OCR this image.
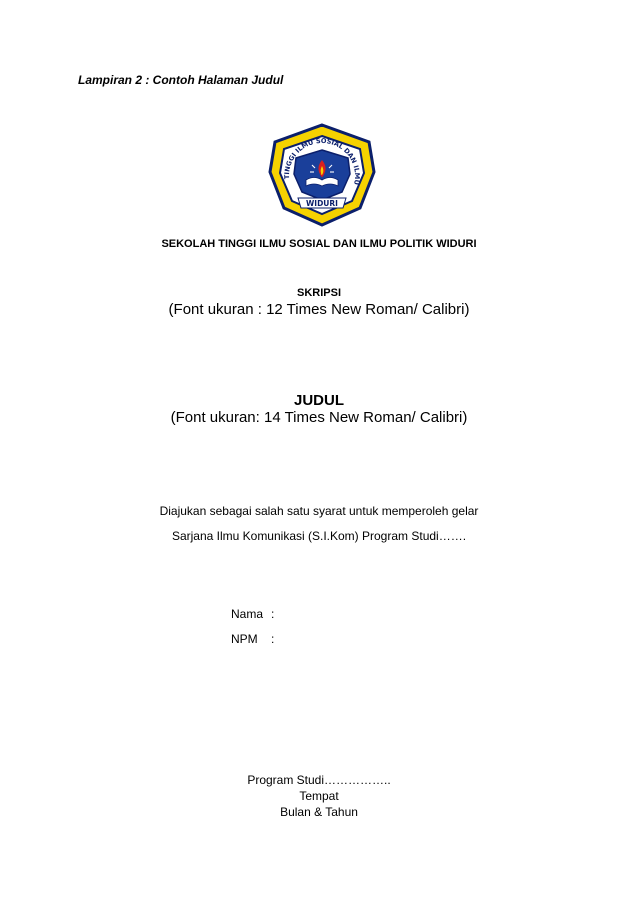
Lampiran 2 : Contoh Halaman Judul
TINGGI ILMU SOSIAL DAN ILMU
WIDURI
SEKOLAH TINGGI ILMU SOSIAL DAN ILMU POLITIK WIDURI
SKRIPSI
(Font ukuran : 12 Times New Roman/ Calibri)
JUDUL
(Font ukuran: 14 Times New Roman/ Calibri)
Diajukan sebagai salah satu syarat untuk memperoleh gelar
Sarjana Ilmu Komunikasi (S.I.Kom) Program Studi…….
Nama :
NPM :
Program Studi……………..
Tempat
Bulan & Tahun
